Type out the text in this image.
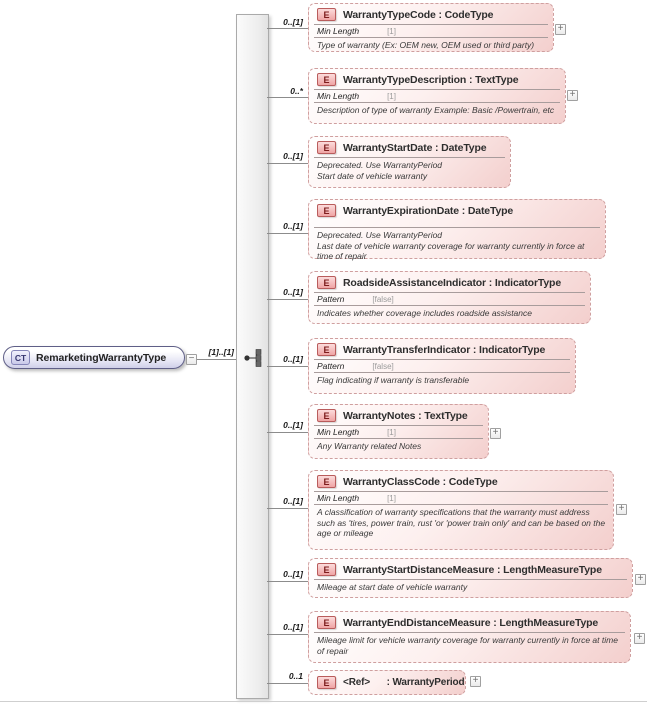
CT RemarketingWarrantyType −
[1]..[1]
0..[1]
0..*
0..[1]
0..[1]
0..[1]
0..[1]
0..[1]
0..[1]
0..[1]
0..[1]
0..1
E	WarrantyTypeCode : CodeType
Min Length	[1]
Type of warranty (Ex: OEM new, OEM used or third party)
+
E	WarrantyTypeDescription : TextType
Min Length	[1]
Description of type of warranty Example: Basic /Powertrain, etc
+
E	WarrantyStartDate : DateType
Deprecated. Use WarrantyPeriod
Start date of vehicle warranty
E	WarrantyExpirationDate : DateType
Deprecated. Use WarrantyPeriod
Last date of vehicle warranty coverage for warranty currently in force at time of repair
E	RoadsideAssistanceIndicator : IndicatorType
Pattern	[false]
Indicates whether coverage includes roadside assistance
E	WarrantyTransferIndicator : IndicatorType
Pattern	[false]
Flag indicating if warranty is transferable
E	WarrantyNotes : TextType
Min Length	[1]
Any Warranty related Notes
+
E	WarrantyClassCode : CodeType
Min Length	[1]
A classification of warranty specifications that the warranty must address such as 'tires, power train, rust 'or 'power train only' and can be based on the age or mileage
+
E	WarrantyStartDistanceMeasure : LengthMeasureType
Mileage at start date of vehicle warranty
+
E	WarrantyEndDistanceMeasure : LengthMeasureType
Mileage limit for vehicle warranty coverage for warranty currently in force at time of repair
+
E	<Ref> : WarrantyPeriod +
